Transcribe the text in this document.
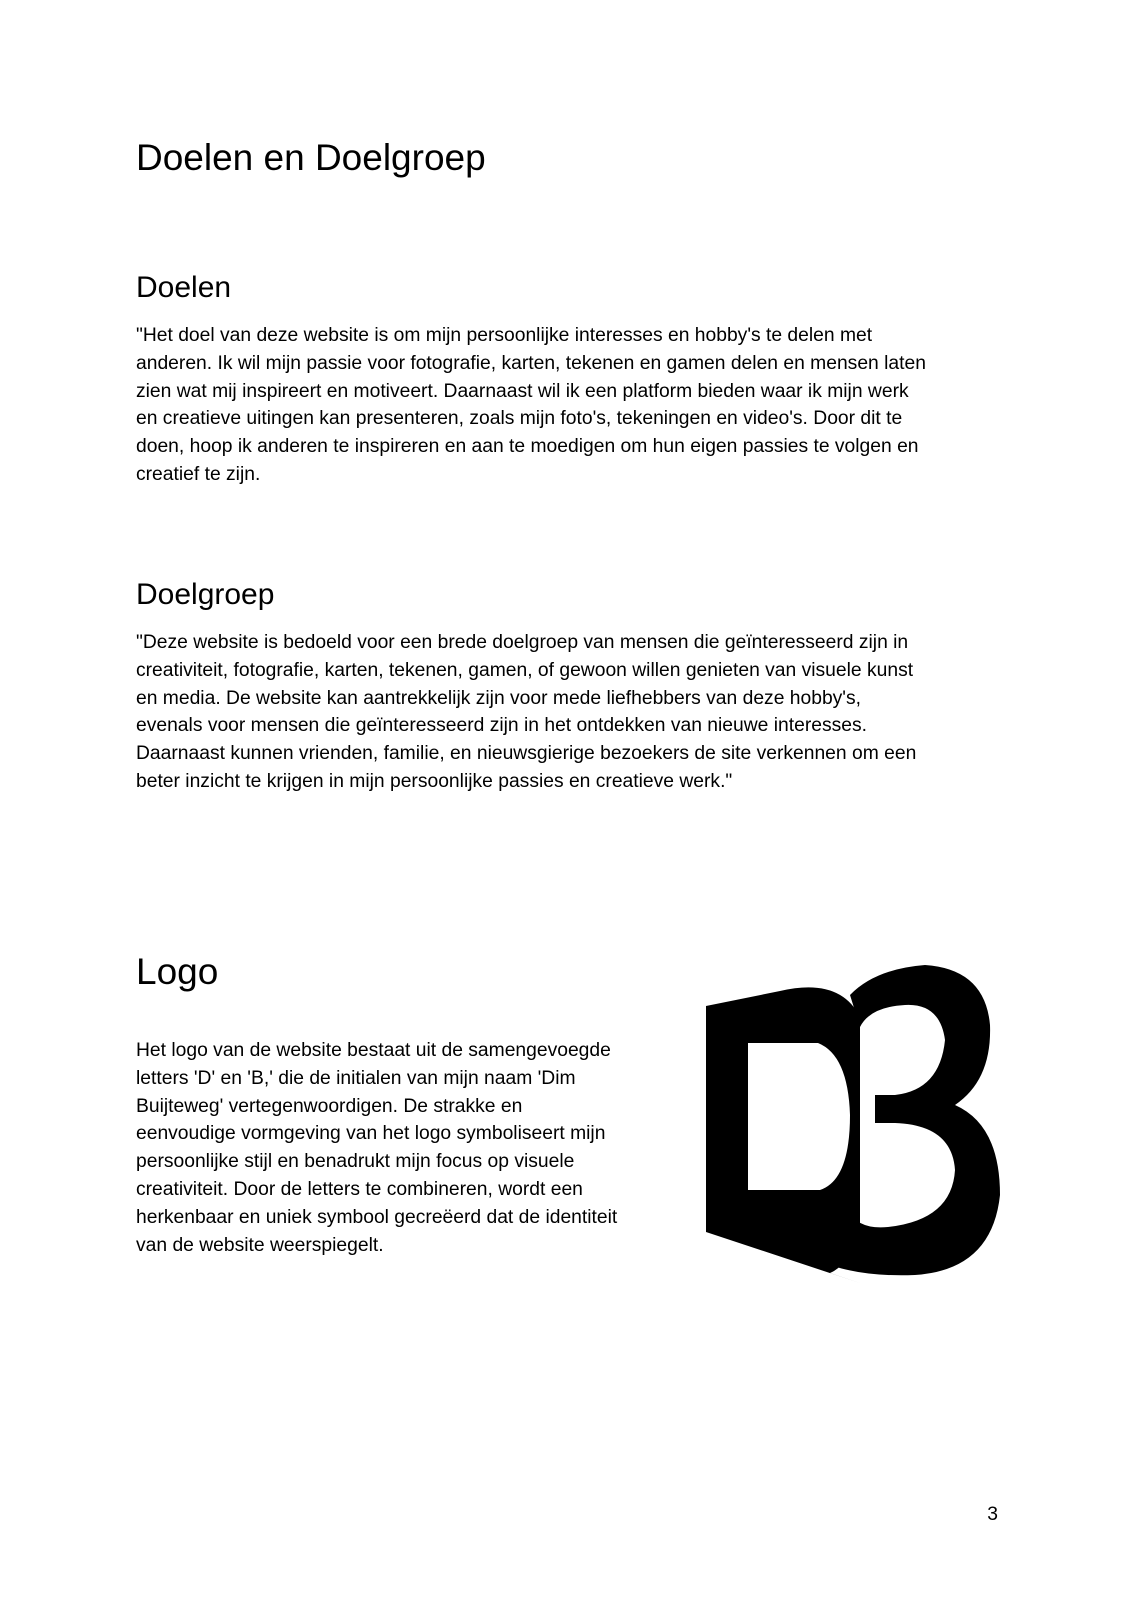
Doelen en Doelgroep
Doelen

"Het doel van deze website is om mijn persoonlijke interesses en hobby's te delen met
anderen. Ik wil mijn passie voor fotografie, karten, tekenen en gamen delen en mensen laten
zien wat mij inspireert en motiveert. Daarnaast wil ik een platform bieden waar ik mijn werk
en creatieve uitingen kan presenteren, zoals mijn foto's, tekeningen en video's. Door dit te
doen, hoop ik anderen te inspireren en aan te moedigen om hun eigen passies te volgen en
creatief te zijn.

Doelgroep

"Deze website is bedoeld voor een brede doelgroep van mensen die geïnteresseerd zijn in
creativiteit, fotografie, karten, tekenen, gamen, of gewoon willen genieten van visuele kunst
en media. De website kan aantrekkelijk zijn voor mede liefhebbers van deze hobby's,
evenals voor mensen die geïnteresseerd zijn in het ontdekken van nieuwe interesses.
Daarnaast kunnen vrienden, familie, en nieuwsgierige bezoekers de site verkennen om een
beter inzicht te krijgen in mijn persoonlijke passies en creatieve werk."

Logo

Het logo van de website bestaat uit de samengevoegde
letters 'D' en 'B,' die de initialen van mijn naam 'Dim
Buijteweg' vertegenwoordigen. De strakke en
eenvoudige vormgeving van het logo symboliseert mijn
persoonlijke stijl en benadrukt mijn focus op visuele
creativiteit. Door de letters te combineren, wordt een
herkenbaar en uniek symbool gecreëerd dat de identiteit
van de website weerspiegelt.

3
